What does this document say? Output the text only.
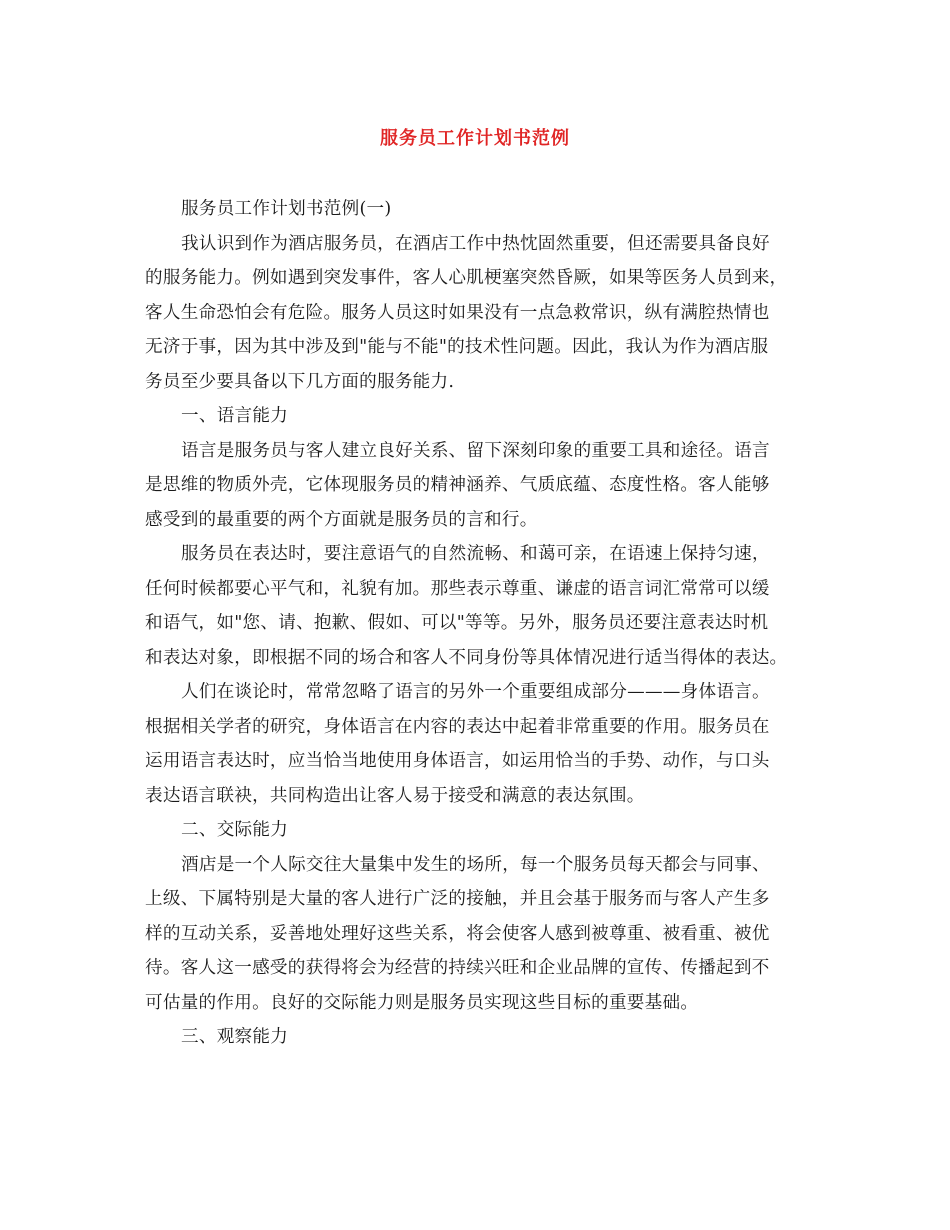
服务员工作计划书范例
服务员工作计划书范例(一)
我认识到作为酒店服务员，在酒店工作中热忱固然重要，但还需要具备良好
的服务能力。例如遇到突发事件，客人心肌梗塞突然昏厥，如果等医务人员到来，
客人生命恐怕会有危险。服务人员这时如果没有一点急救常识，纵有满腔热情也
无济于事，因为其中涉及到"能与不能"的技术性问题。因此，我认为作为酒店服
务员至少要具备以下几方面的服务能力.
一、语言能力
语言是服务员与客人建立良好关系、留下深刻印象的重要工具和途径。语言
是思维的物质外壳，它体现服务员的精神涵养、气质底蕴、态度性格。客人能够
感受到的最重要的两个方面就是服务员的言和行。
服务员在表达时，要注意语气的自然流畅、和蔼可亲，在语速上保持匀速，
任何时候都要心平气和，礼貌有加。那些表示尊重、谦虚的语言词汇常常可以缓
和语气，如"您、请、抱歉、假如、可以"等等。另外，服务员还要注意表达时机
和表达对象，即根据不同的场合和客人不同身份等具体情况进行适当得体的表达。
人们在谈论时，常常忽略了语言的另外一个重要组成部分———身体语言。
根据相关学者的研究，身体语言在内容的表达中起着非常重要的作用。服务员在
运用语言表达时，应当恰当地使用身体语言，如运用恰当的手势、动作，与口头
表达语言联袂，共同构造出让客人易于接受和满意的表达氛围。
二、交际能力
酒店是一个人际交往大量集中发生的场所，每一个服务员每天都会与同事、
上级、下属特别是大量的客人进行广泛的接触，并且会基于服务而与客人产生多
样的互动关系，妥善地处理好这些关系，将会使客人感到被尊重、被看重、被优
待。客人这一感受的获得将会为经营的持续兴旺和企业品牌的宣传、传播起到不
可估量的作用。良好的交际能力则是服务员实现这些目标的重要基础。
三、观察能力
